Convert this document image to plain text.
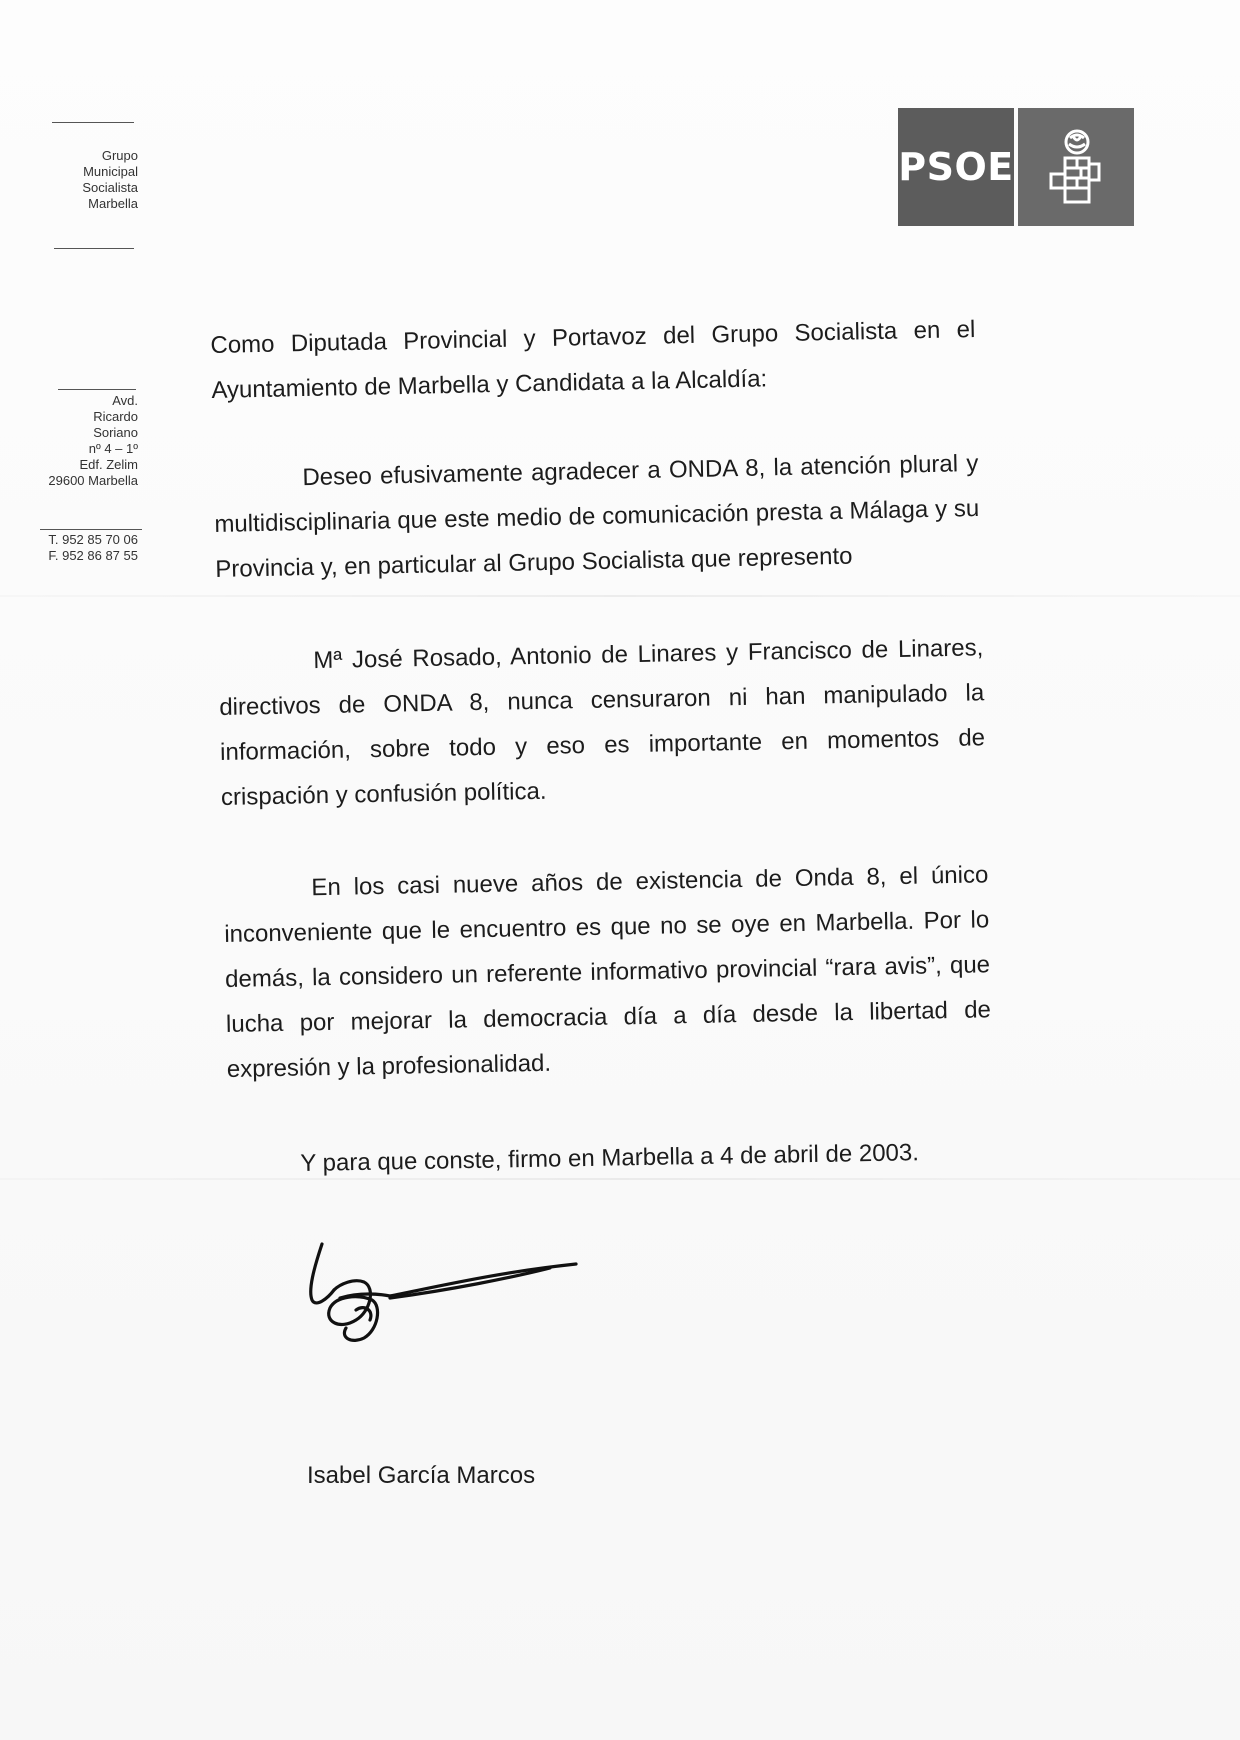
Grupo
Municipal
Socialista
Marbella
Avd.
Ricardo
Soriano
nº 4 – 1º
Edf. Zelim
29600 Marbella
T. 952 85 70 06
F. 952 86 87 55
PSOE
Como Diputada Provincial y Portavoz del Grupo Socialista en el Ayuntamiento de Marbella y Candidata a la Alcaldía:
Deseo efusivamente agradecer a ONDA 8, la atención plural y multidisciplinaria que este medio de comunicación presta a Málaga y su Provincia y, en particular al Grupo Socialista que represento
Mª José Rosado, Antonio de Linares y Francisco de Linares, directivos de ONDA 8, nunca censuraron ni han manipulado la información, sobre todo y eso es importante en momentos de crispación y confusión política.
En los casi nueve años de existencia de Onda 8, el único inconveniente que le encuentro es que no se oye en Marbella. Por lo demás, la considero un referente informativo provincial “rara avis”, que lucha por mejorar la democracia día a día desde la libertad de expresión y la profesionalidad.
Y para que conste, firmo en Marbella a 4 de abril de 2003.
Isabel García Marcos
